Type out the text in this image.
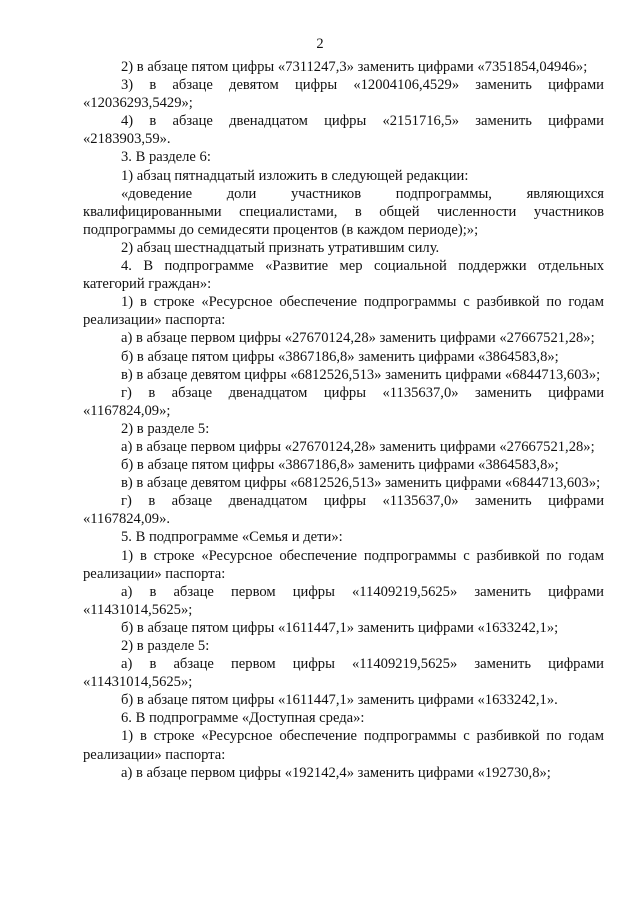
2

2) в абзаце пятом цифры «7311247,3» заменить цифрами «7351854,04946»;

3) в абзаце девятом цифры «12004106,4529» заменить цифрами «12036293,5429»;

4) в абзаце двенадцатом цифры «2151716,5» заменить цифрами «2183903,59».

3. В разделе 6:

1) абзац пятнадцатый изложить в следующей редакции:

«доведение доли участников подпрограммы, являющихся квалифицированными специалистами, в общей численности участников подпрограммы до семидесяти процентов (в каждом периоде);»;

2) абзац шестнадцатый признать утратившим силу.

4. В подпрограмме «Развитие мер социальной поддержки отдельных категорий граждан»:

1) в строке «Ресурсное обеспечение подпрограммы с разбивкой по годам реализации» паспорта:

а) в абзаце первом цифры «27670124,28» заменить цифрами «27667521,28»;

б) в абзаце пятом цифры «3867186,8» заменить цифрами «3864583,8»;

в) в абзаце девятом цифры «6812526,513» заменить цифрами «6844713,603»;

г) в абзаце двенадцатом цифры «1135637,0» заменить цифрами «1167824,09»;

2) в разделе 5:

а) в абзаце первом цифры «27670124,28» заменить цифрами «27667521,28»;

б) в абзаце пятом цифры «3867186,8» заменить цифрами «3864583,8»;

в) в абзаце девятом цифры «6812526,513» заменить цифрами «6844713,603»;

г) в абзаце двенадцатом цифры «1135637,0» заменить цифрами «1167824,09».

5. В подпрограмме «Семья и дети»:

1) в строке «Ресурсное обеспечение подпрограммы с разбивкой по годам реализации» паспорта:

а) в абзаце первом цифры «11409219,5625» заменить цифрами «11431014,5625»;

б) в абзаце пятом цифры «1611447,1» заменить цифрами «1633242,1»;

2) в разделе 5:

а) в абзаце первом цифры «11409219,5625» заменить цифрами «11431014,5625»;

б) в абзаце пятом цифры «1611447,1» заменить цифрами «1633242,1».

6. В подпрограмме «Доступная среда»:

1) в строке «Ресурсное обеспечение подпрограммы с разбивкой по годам реализации» паспорта:

а) в абзаце первом цифры «192142,4» заменить цифрами «192730,8»;
